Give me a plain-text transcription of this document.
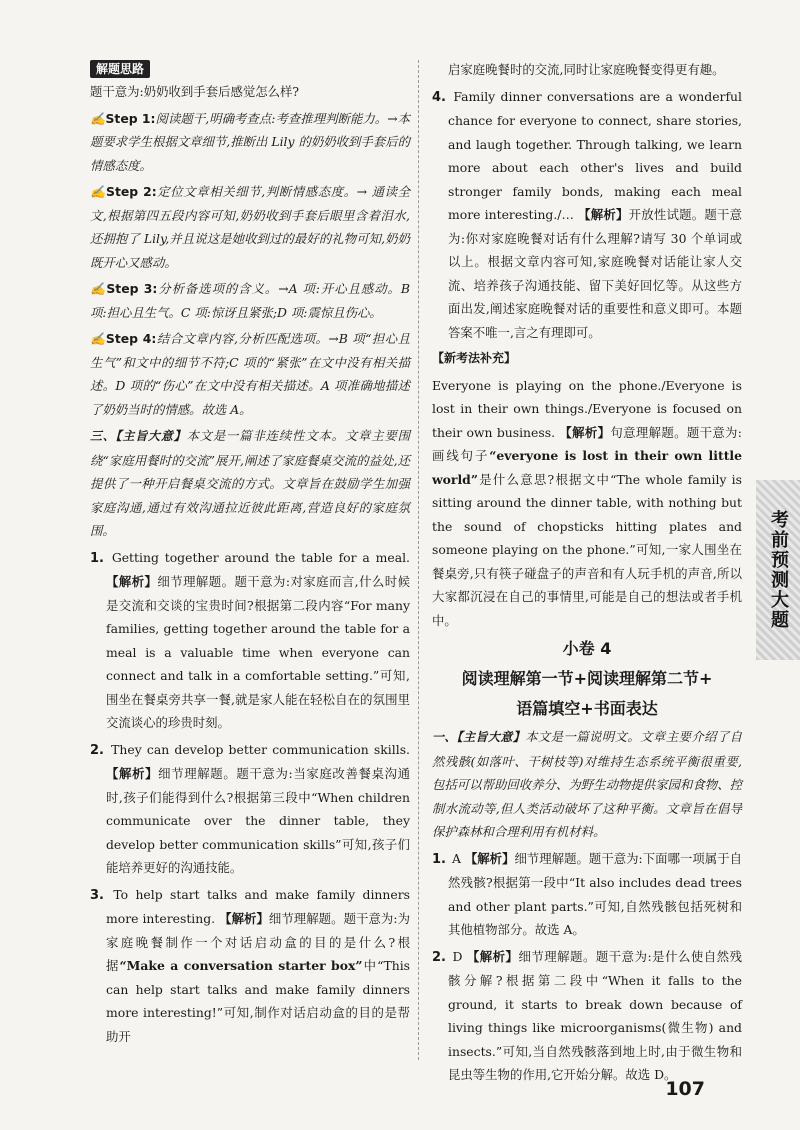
解题思路

题干意为:奶奶收到手套后感觉怎么样?

✍Step 1:阅读题干,明确考查点:考查推理判断能力。→本题要求学生根据文章细节,推断出 Lily 的奶奶收到手套后的情感态度。

✍Step 2:定位文章相关细节,判断情感态度。→ 通读全文,根据第四五段内容可知,奶奶收到手套后眼里含着泪水,还拥抱了 Lily,并且说这是她收到过的最好的礼物可知,奶奶既开心又感动。

✍Step 3:分析备选项的含义。→A 项:开心且感动。B 项:担心且生气。C 项:惊讶且紧张;D 项:震惊且伤心。

✍Step 4:结合文章内容,分析匹配选项。→B 项“担心且生气”和文中的细节不符;C 项的“紧张”在文中没有相关描述。D 项的“伤心”在文中没有相关描述。A 项准确地描述了奶奶当时的情感。故选 A。

三、【主旨大意】本文是一篇非连续性文本。文章主要围绕“家庭用餐时的交流”展开,阐述了家庭餐桌交流的益处,还提供了一种开启餐桌交流的方式。文章旨在鼓励学生加强家庭沟通,通过有效沟通拉近彼此距离,营造良好的家庭氛围。

1. Getting together around the table for a meal. 【解析】细节理解题。题干意为:对家庭而言,什么时候是交流和交谈的宝贵时间?根据第二段内容“For many families, getting together around the table for a meal is a valuable time when everyone can connect and talk in a comfortable setting.”可知,围坐在餐桌旁共享一餐,就是家人能在轻松自在的氛围里交流谈心的珍贵时刻。

2. They can develop better communication skills. 【解析】细节理解题。题干意为:当家庭改善餐桌沟通时,孩子们能得到什么?根据第三段中“When children communicate over the dinner table, they develop better communication skills”可知,孩子们能培养更好的沟通技能。

3. To help start talks and make family dinners more interesting. 【解析】细节理解题。题干意为:为家庭晚餐制作一个对话启动盒的目的是什么?根据“Make a conversation starter box”中“This can help start talks and make family dinners more interesting!”可知,制作对话启动盒的目的是帮助开

启家庭晚餐时的交流,同时让家庭晚餐变得更有趣。

4. Family dinner conversations are a wonderful chance for everyone to connect, share stories, and laugh together. Through talking, we learn more about each other's lives and build stronger family bonds, making each meal more interesting./… 【解析】开放性试题。题干意为:你对家庭晚餐对话有什么理解?请写 30 个单词或以上。根据文章内容可知,家庭晚餐对话能让家人交流、培养孩子沟通技能、留下美好回忆等。从这些方面出发,阐述家庭晚餐对话的重要性和意义即可。本题答案不唯一,言之有理即可。

【新考法补充】

Everyone is playing on the phone./Everyone is lost in their own things./Everyone is focused on their own business. 【解析】句意理解题。题干意为:画线句子“everyone is lost in their own little world”是什么意思?根据文中“The whole family is sitting around the dinner table, with nothing but the sound of chopsticks hitting plates and someone playing on the phone.”可知,一家人围坐在餐桌旁,只有筷子碰盘子的声音和有人玩手机的声音,所以大家都沉浸在自己的事情里,可能是自己的想法或者手机中。

小卷 4
阅读理解第一节+阅读理解第二节+
语篇填空+书面表达

一、【主旨大意】本文是一篇说明文。文章主要介绍了自然残骸(如落叶、干树枝等)对维持生态系统平衡很重要,包括可以帮助回收养分、为野生动物提供家园和食物、控制水流动等,但人类活动破坏了这种平衡。文章旨在倡导保护森林和合理利用有机材料。

1. A 【解析】细节理解题。题干意为:下面哪一项属于自然残骸?根据第一段中“It also includes dead trees and other plant parts.”可知,自然残骸包括死树和其他植物部分。故选 A。

2. D 【解析】细节理解题。题干意为:是什么使自然残骸分解?根据第二段中“When it falls to the ground, it starts to break down because of living things like microorganisms(微生物) and insects.”可知,当自然残骸落到地上时,由于微生物和昆虫等生物的作用,它开始分解。故选 D。

考前预测大题
107
